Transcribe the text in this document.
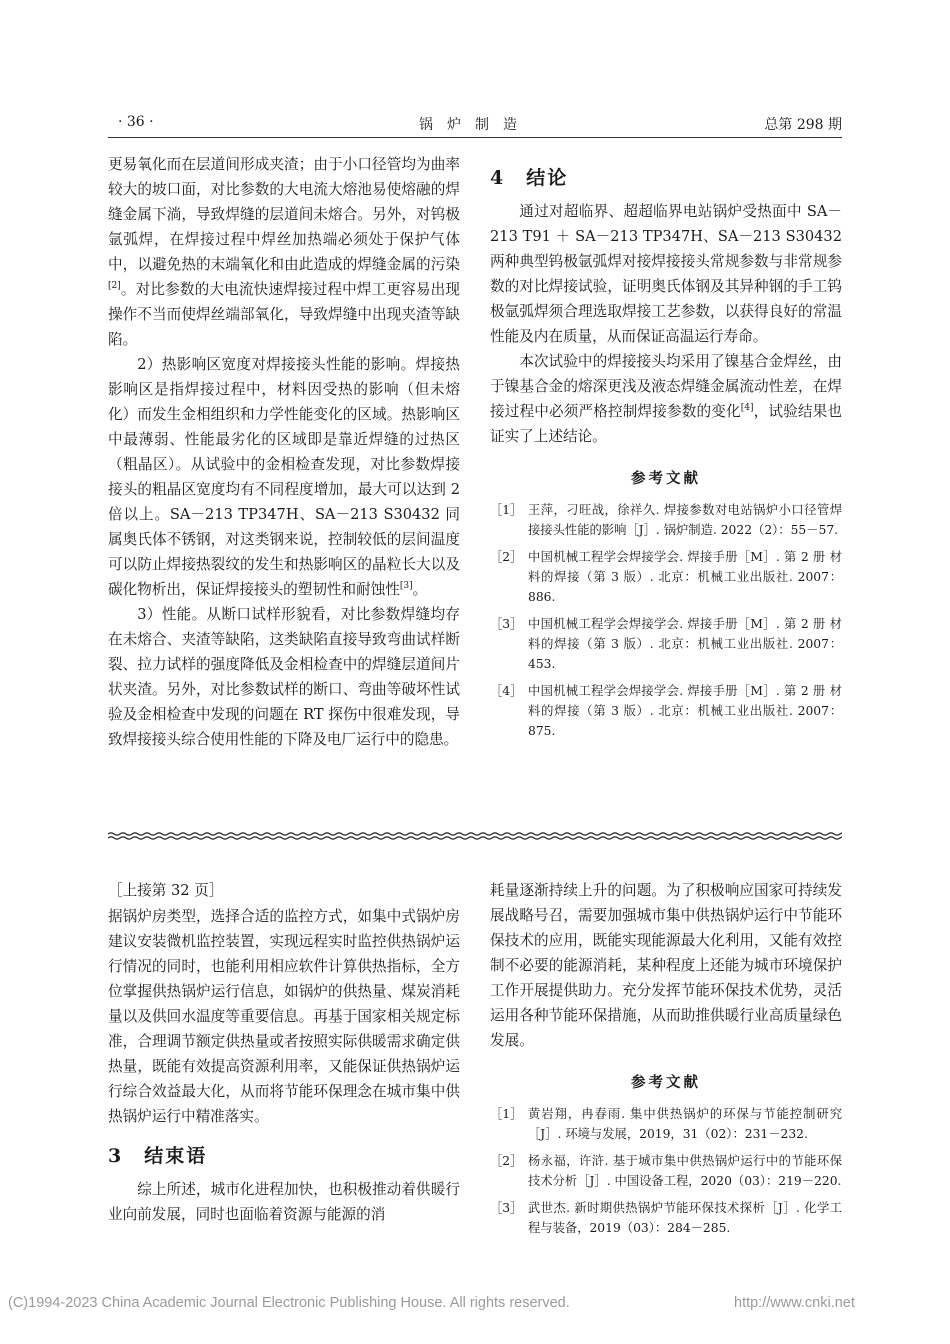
· 36 ·	锅炉制造	总第 298 期

更易氧化而在层道间形成夹渣；由于小口径管均为曲率较大的坡口面，对比参数的大电流大熔池易使熔融的焊缝金属下淌，导致焊缝的层道间未熔合。另外，对钨极氩弧焊，在焊接过程中焊丝加热端必须处于保护气体中，以避免热的末端氧化和由此造成的焊缝金属的污染[2]。对比参数的大电流快速焊接过程中焊工更容易出现操作不当而使焊丝端部氧化，导致焊缝中出现夹渣等缺陷。

2）热影响区宽度对焊接接头性能的影响。焊接热影响区是指焊接过程中，材料因受热的影响（但未熔化）而发生金相组织和力学性能变化的区域。热影响区中最薄弱、性能最劣化的区域即是靠近焊缝的过热区（粗晶区）。从试验中的金相检查发现，对比参数焊接接头的粗晶区宽度均有不同程度增加，最大可以达到 2 倍以上。SA－213 TP347H、SA－213 S30432 同属奥氏体不锈钢，对这类钢来说，控制较低的层间温度可以防止焊接热裂纹的发生和热影响区的晶粒长大以及碳化物析出，保证焊接接头的塑韧性和耐蚀性[3]。

3）性能。从断口试样形貌看，对比参数焊缝均存在未熔合、夹渣等缺陷，这类缺陷直接导致弯曲试样断裂、拉力试样的强度降低及金相检查中的焊缝层道间片状夹渣。另外，对比参数试样的断口、弯曲等破坏性试验及金相检查中发现的问题在 RT 探伤中很难发现，导致焊接接头综合使用性能的下降及电厂运行中的隐患。

4　结论

通过对超临界、超超临界电站锅炉受热面中 SA－213 T91 ＋ SA－213 TP347H、SA－213 S30432 两种典型钨极氩弧焊对接焊接接头常规参数与非常规参数的对比焊接试验，证明奥氏体钢及其异种钢的手工钨极氩弧焊须合理选取焊接工艺参数，以获得良好的常温性能及内在质量，从而保证高温运行寿命。

本次试验中的焊接接头均采用了镍基合金焊丝，由于镍基合金的熔深更浅及液态焊缝金属流动性差，在焊接过程中必须严格控制焊接参数的变化[4]，试验结果也证实了上述结论。

参考文献
［1］ 王萍，刁旺战，徐祥久. 焊接参数对电站锅炉小口径管焊接接头性能的影响［J］. 锅炉制造. 2022（2）：55－57.
［2］ 中国机械工程学会焊接学会. 焊接手册［M］. 第 2 册 材料的焊接（第 3 版）. 北京：机械工业出版社. 2007：886.
［3］ 中国机械工程学会焊接学会. 焊接手册［M］. 第 2 册 材料的焊接（第 3 版）. 北京：机械工业出版社. 2007：453.
［4］ 中国机械工程学会焊接学会. 焊接手册［M］. 第 2 册 材料的焊接（第 3 版）. 北京：机械工业出版社. 2007：875.

［上接第 32 页］

据锅炉房类型，选择合适的监控方式，如集中式锅炉房建议安装微机监控装置，实现远程实时监控供热锅炉运行情况的同时，也能利用相应软件计算供热指标，全方位掌握供热锅炉运行信息，如锅炉的供热量、煤炭消耗量以及供回水温度等重要信息。再基于国家相关规定标准，合理调节额定供热量或者按照实际供暖需求确定供热量，既能有效提高资源利用率，又能保证供热锅炉运行综合效益最大化，从而将节能环保理念在城市集中供热锅炉运行中精准落实。

3　结束语

综上所述，城市化进程加快，也积极推动着供暖行业向前发展，同时也面临着资源与能源的消

耗量逐渐持续上升的问题。为了积极响应国家可持续发展战略号召，需要加强城市集中供热锅炉运行中节能环保技术的应用，既能实现能源最大化利用，又能有效控制不必要的能源消耗，某种程度上还能为城市环境保护工作开展提供助力。充分发挥节能环保技术优势，灵活运用各种节能环保措施，从而助推供暖行业高质量绿色发展。

参考文献
［1］ 黄岩翔，冉春雨. 集中供热锅炉的环保与节能控制研究［J］. 环境与发展，2019，31（02）：231－232.
［2］ 杨永福，许浒. 基于城市集中供热锅炉运行中的节能环保技术分析［J］. 中国设备工程，2020（03）：219－220.
［3］ 武世杰. 新时期供热锅炉节能环保技术探析［J］. 化学工程与装备，2019（03）：284－285.
(C)1994-2023 China Academic Journal Electronic Publishing House. All rights reserved.	http://www.cnki.net
